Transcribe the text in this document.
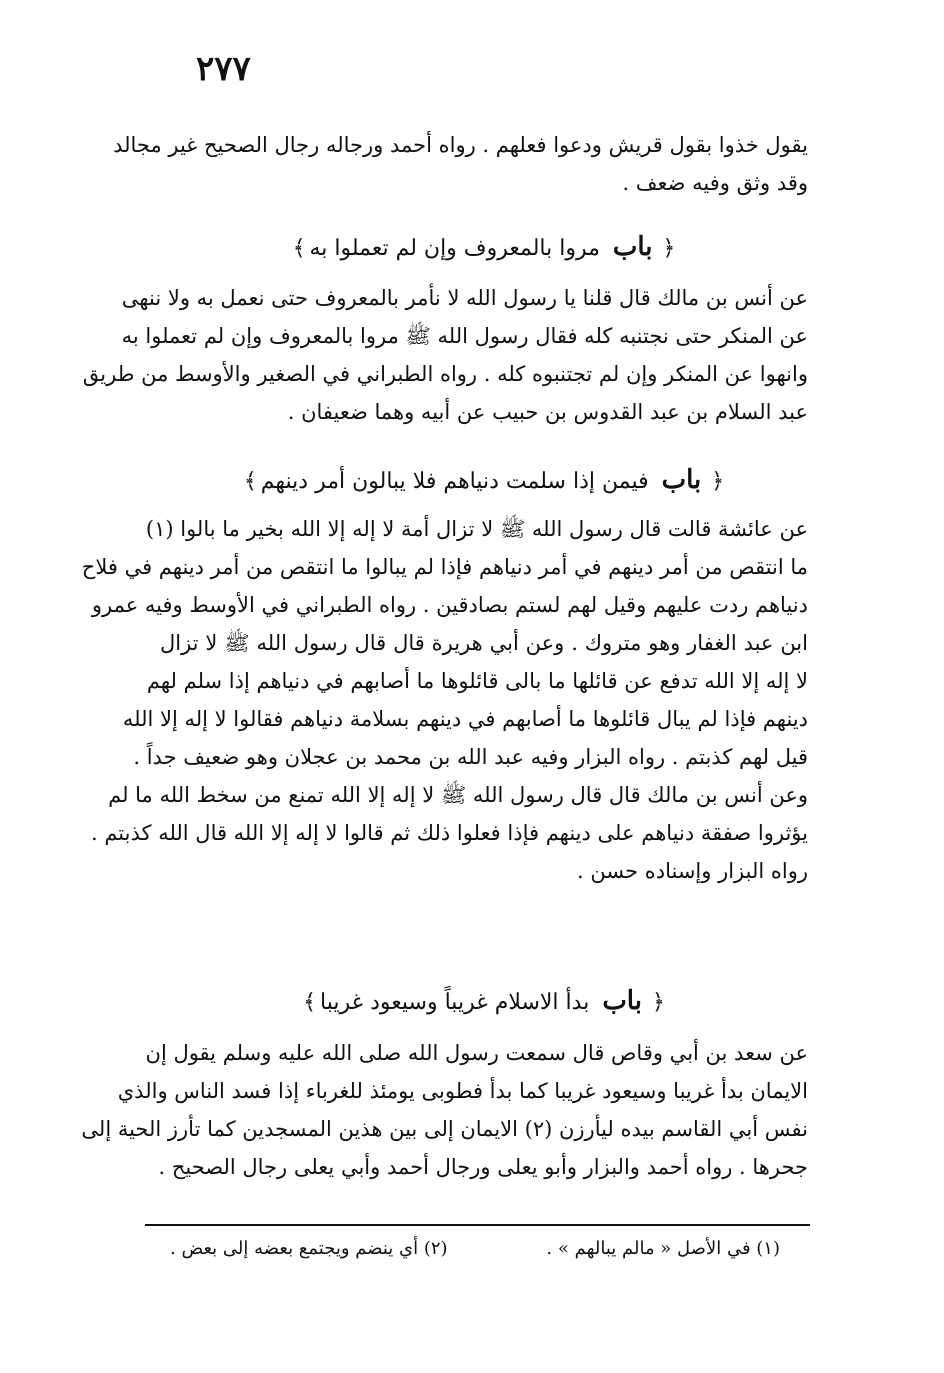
٢٧٧
يقول خذوا بقول قريش ودعوا فعلهم . رواه أحمد ورجاله رجال الصحيح غير مجالد
وقد وثق وفيه ضعف .
﴿باب مروا بالمعروف وإن لم تعملوا به﴾
عن أنس بن مالك قال قلنا يا رسول الله لا نأمر بالمعروف حتى نعمل به ولا ننهى
عن المنكر حتى نجتنبه كله فقال رسول الله ﷺ مروا بالمعروف وإن لم تعملوا به
وانهوا عن المنكر وإن لم تجتنبوه كله . رواه الطبراني في الصغير والأوسط من طريق
عبد السلام بن عبد القدوس بن حبيب عن أبيه وهما ضعيفان .
﴿باب فيمن إذا سلمت دنياهم فلا يبالون أمر دينهم﴾
عن عائشة قالت قال رسول الله ﷺ لا تزال أمة لا إله إلا الله بخير ما بالوا (١)
ما انتقص من أمر دينهم في أمر دنياهم فإذا لم يبالوا ما انتقص من أمر دينهم في فلاح
دنياهم ردت عليهم وقيل لهم لستم بصادقين . رواه الطبراني في الأوسط وفيه عمرو
ابن عبد الغفار وهو متروك . وعن أبي هريرة قال قال رسول الله ﷺ لا تزال
لا إله إلا الله تدفع عن قائلها ما بالى قائلوها ما أصابهم في دنياهم إذا سلم لهم
دينهم فإذا لم يبال قائلوها ما أصابهم في دينهم بسلامة دنياهم فقالوا لا إله إلا الله
قيل لهم كذبتم . رواه البزار وفيه عبد الله بن محمد بن عجلان وهو ضعيف جداً .
وعن أنس بن مالك قال قال رسول الله ﷺ لا إله إلا الله تمنع من سخط الله ما لم
يؤثروا صفقة دنياهم على دينهم فإذا فعلوا ذلك ثم قالوا لا إله إلا الله قال الله كذبتم .
رواه البزار وإسناده حسن .
﴿باب بدأ الاسلام غريباً وسيعود غريبا﴾
عن سعد بن أبي وقاص قال سمعت رسول الله صلى الله عليه وسلم يقول إن
الايمان بدأ غريبا وسيعود غريبا كما بدأ فطوبى يومئذ للغرباء إذا فسد الناس والذي
نفس أبي القاسم بيده ليأرزن (٢) الايمان إلى بين هذين المسجدين كما تأرز الحية إلى
جحرها . رواه أحمد والبزار وأبو يعلى ورجال أحمد وأبي يعلى رجال الصحيح .
(١) في الأصل « مالم يبالهم » .
(٢) أي ينضم ويجتمع بعضه إلى بعض .
